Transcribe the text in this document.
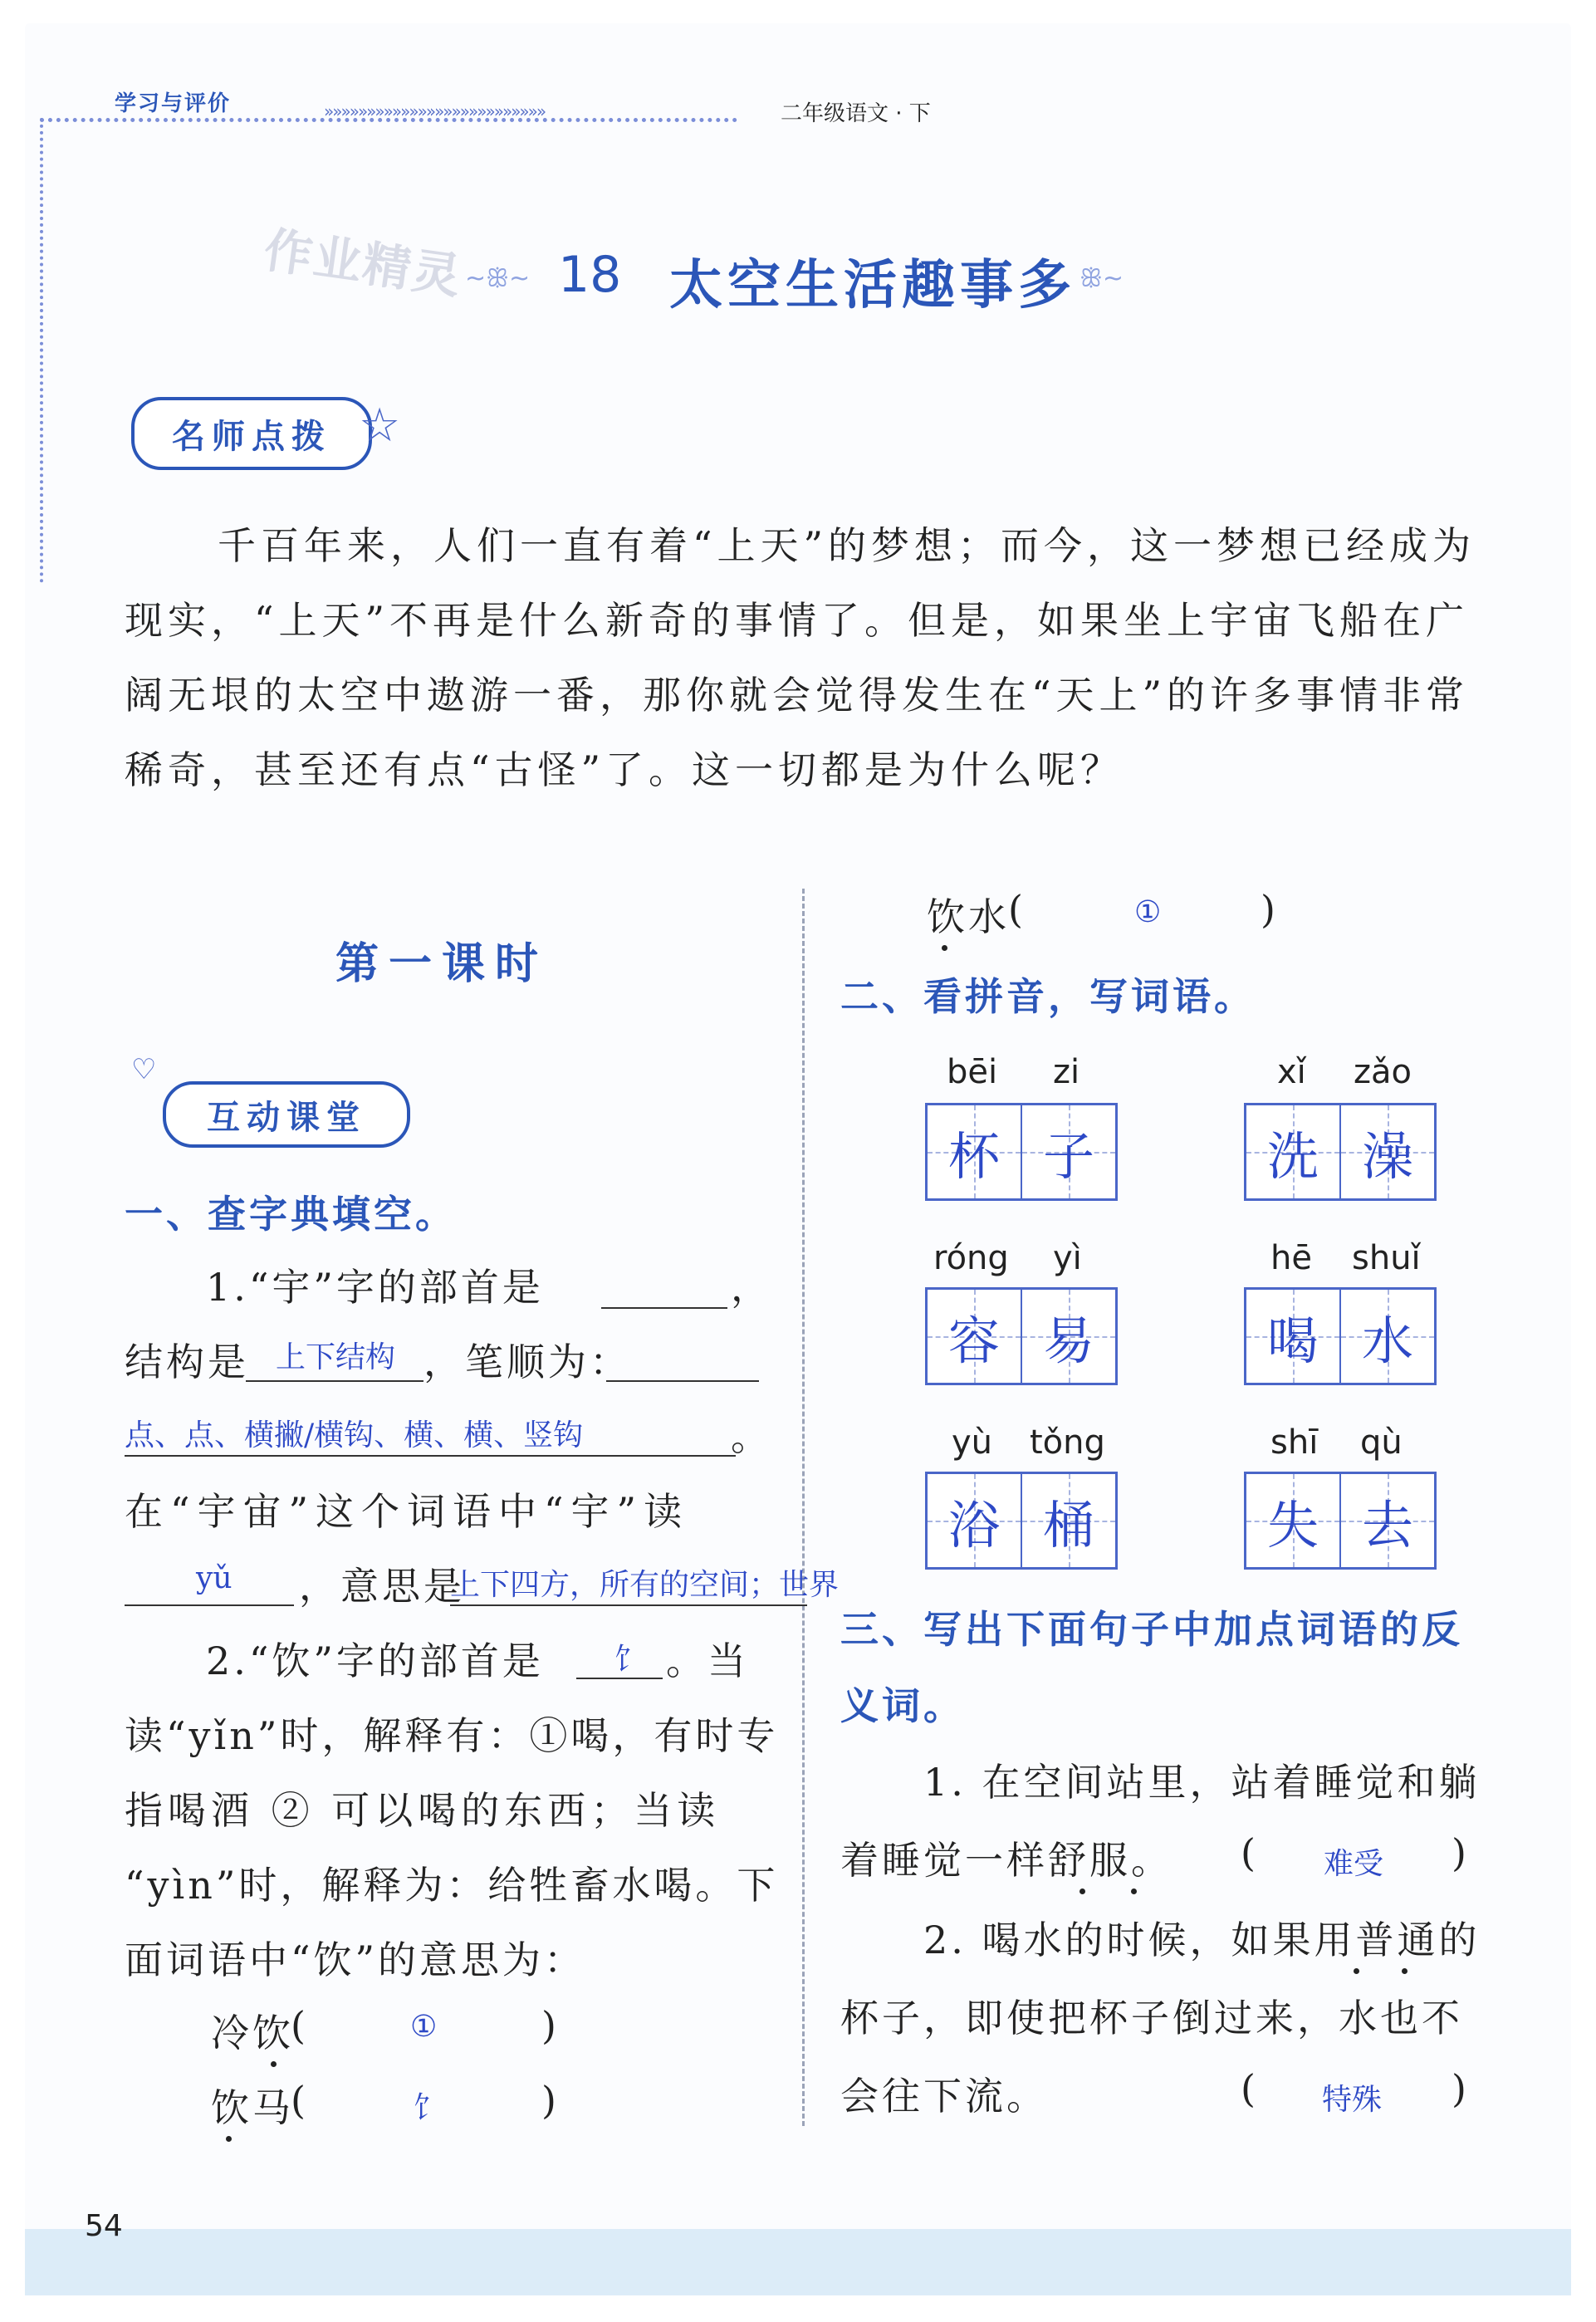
学习与评价	»»»»»»»»»»»»»»»»»»»»»»»»»»	二年级语文 · 下
作业精灵 ~ꕥ~ 18 太空生活趣事多 ꕥ~
名师点拨 ☆
千百年来，人们一直有着“上天”的梦想；而今，这一梦想已经成为现实，“上天”不再是什么新奇的事情了。但是，如果坐上宇宙飞船在广阔无垠的太空中遨游一番，那你就会觉得发生在“天上”的许多事情非常稀奇，甚至还有点“古怪”了。这一切都是为什么呢？
第一课时
互动课堂
♡
一、查字典填空。
1.“宇”字的部首是	，
结构是 上下结构 ，笔顺为：
点、点、横撇/横钩、横、横、竖钩	。
在“宇宙”这个词语中“宇”读
yǔ ，意思是
上下四方，所有的空间；世界
2.“饮”字的部首是 饣 。当
读“yǐn”时，解释有：①喝，有时专
指喝酒 ② 可以喝的东西；当读
“yìn”时，解释为：给牲畜水喝。下
面词语中“饮”的意思为：
冷饮
(	①	)
饮马
(	饣	)
饮水
(	①	)
二、看拼音，写词语。
bēi zi
杯 子
xǐ zǎo
洗 澡
róng yì
容 易
hē shuǐ
喝 水
yù tǒng
浴 桶
shī qù
失 去
三、写出下面句子中加点词语的反
义词。
1. 在空间站里，站着睡觉和躺
着睡觉一样舒服。 ( 难受 )
2. 喝水的时候，如果用普通的
杯子，即使把杯子倒过来，水也不
会往下流。	( 特殊 )
54
